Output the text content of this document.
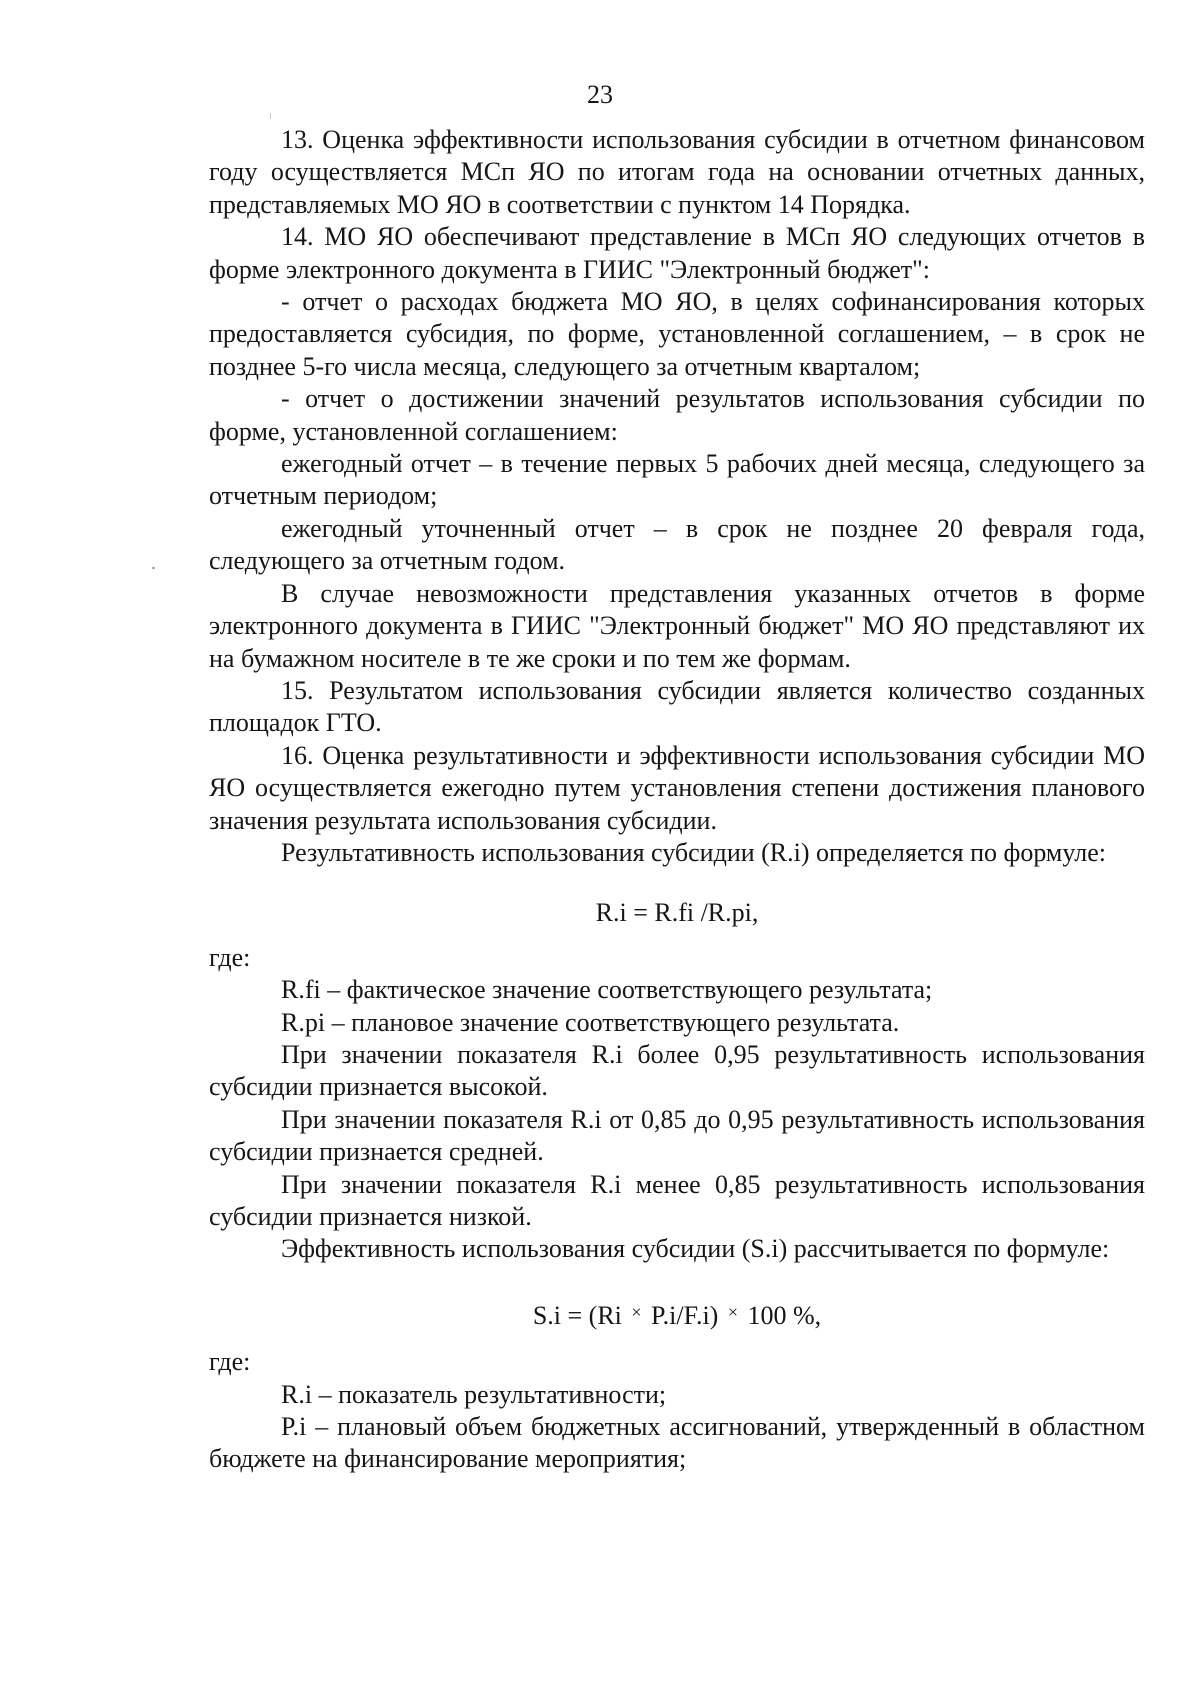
23

13. Оценка эффективности использования субсидии в отчетном финансовом году осуществляется МСп ЯО по итогам года на основании отчетных данных, представляемых МО ЯО в соответствии с пунктом 14 Порядка.

14. МО ЯО обеспечивают представление в МСп ЯО следующих отчетов в форме электронного документа в ГИИС "Электронный бюджет":

- отчет о расходах бюджета МО ЯО, в целях софинансирования которых предоставляется субсидия, по форме, установленной соглашением, – в срок не позднее 5-го числа месяца, следующего за отчетным кварталом;

- отчет о достижении значений результатов использования субсидии по форме, установленной соглашением:

ежегодный отчет – в течение первых 5 рабочих дней месяца, следующего за отчетным периодом;

ежегодный уточненный отчет – в срок не позднее 20 февраля года, следующего за отчетным годом.

В случае невозможности представления указанных отчетов в форме электронного документа в ГИИС "Электронный бюджет" МО ЯО представляют их на бумажном носителе в те же сроки и по тем же формам.

15. Результатом использования субсидии является количество созданных площадок ГТО.

16. Оценка результативности и эффективности использования субсидии МО ЯО осуществляется ежегодно путем установления степени достижения планового значения результата использования субсидии.

Результативность использования субсидии (R.i) определяется по формуле:

R.i = R.fi /R.pi,

где:

R.fi – фактическое значение соответствующего результата;

R.pi – плановое значение соответствующего результата.

При значении показателя R.i более 0,95 результативность использования субсидии признается высокой.

При значении показателя R.i от 0,85 до 0,95 результативность использования субсидии признается средней.

При значении показателя R.i менее 0,85 результативность использования субсидии признается низкой.

Эффективность использования субсидии (S.i) рассчитывается по формуле:

S.i = (Ri × P.i/F.i) × 100 %,

где:

R.i – показатель результативности;

P.i – плановый объем бюджетных ассигнований, утвержденный в областном бюджете на финансирование мероприятия;
